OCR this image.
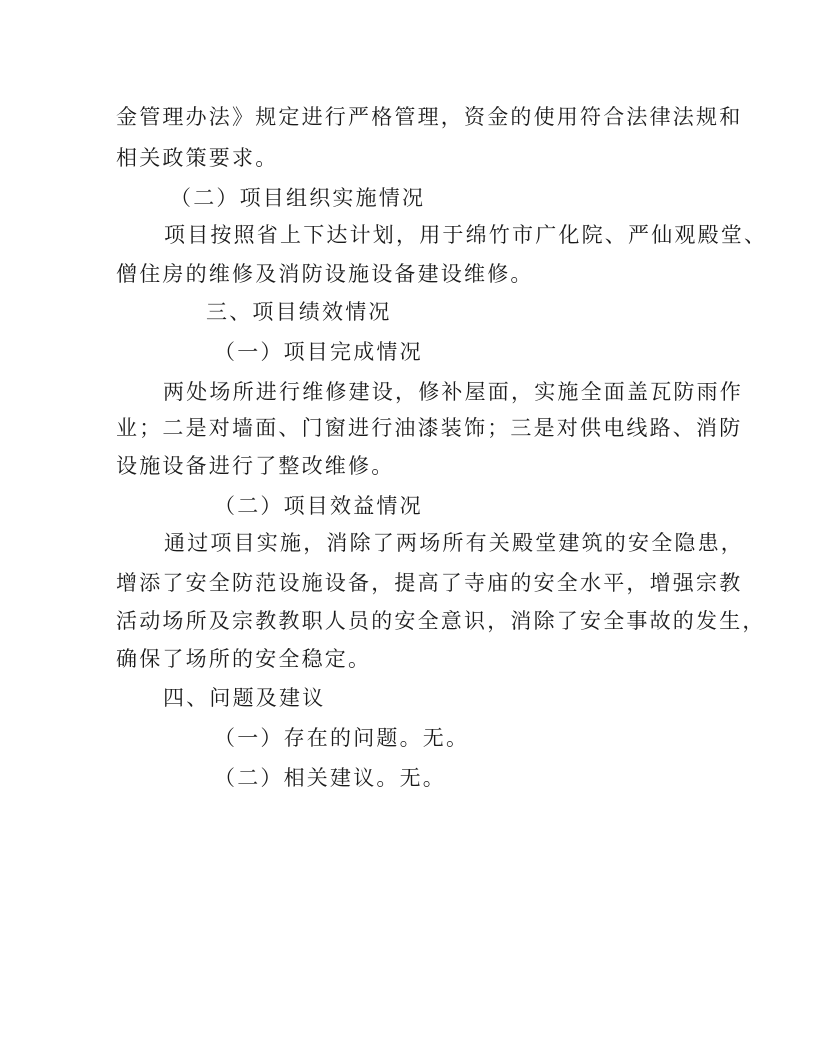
金管理办法》规定进行严格管理，资金的使用符合法律法规和
相关政策要求。
（二）项目组织实施情况
项目按照省上下达计划，用于绵竹市广化院、严仙观殿堂、
僧住房的维修及消防设施设备建设维修。
三、项目绩效情况
（一）项目完成情况
两处场所进行维修建设，修补屋面，实施全面盖瓦防雨作
业；二是对墙面、门窗进行油漆装饰；三是对供电线路、消防
设施设备进行了整改维修。
（二）项目效益情况
通过项目实施，消除了两场所有关殿堂建筑的安全隐患，
增添了安全防范设施设备，提高了寺庙的安全水平，增强宗教
活动场所及宗教教职人员的安全意识，消除了安全事故的发生，
确保了场所的安全稳定。
四、问题及建议
（一）存在的问题。无。
（二）相关建议。无。
